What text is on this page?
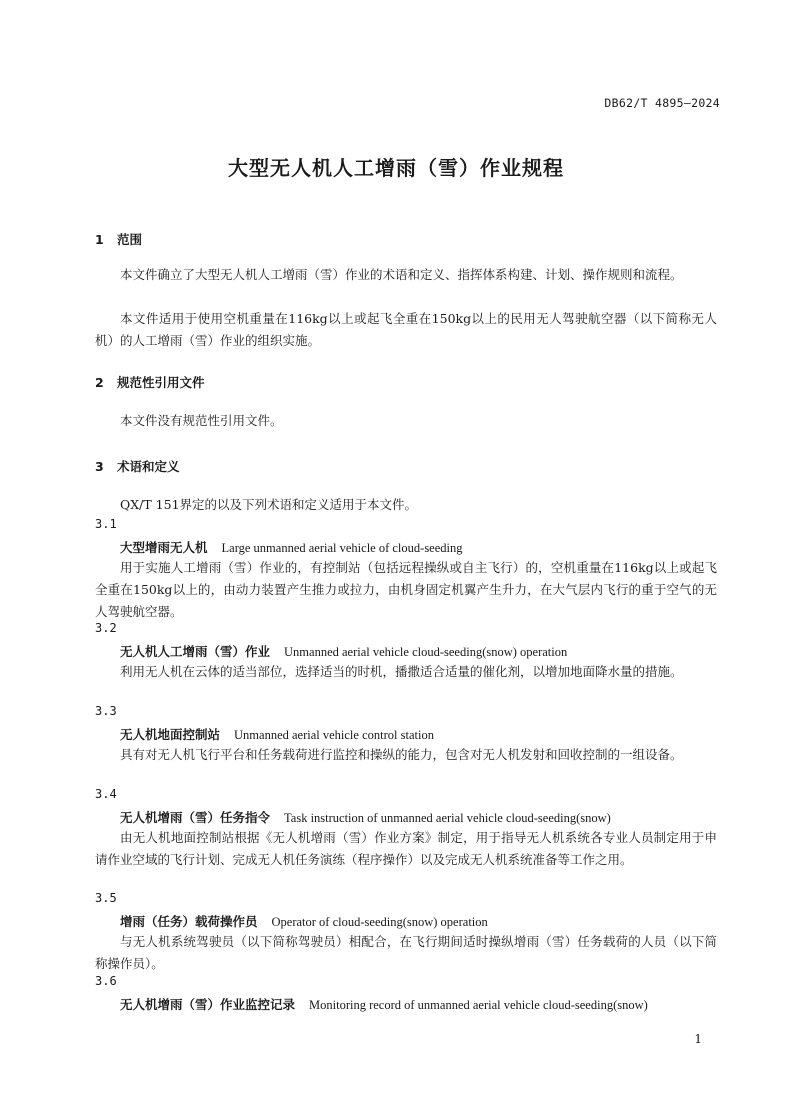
DB62/T 4895—2024
大型无人机人工增雨（雪）作业规程
1 范围
本文件确立了大型无人机人工增雨（雪）作业的术语和定义、指挥体系构建、计划、操作规则和流程。
本文件适用于使用空机重量在116kg以上或起飞全重在150kg以上的民用无人驾驶航空器（以下简称无人机）的人工增雨（雪）作业的组织实施。
2 规范性引用文件
本文件没有规范性引用文件。
3 术语和定义
QX/T 151界定的以及下列术语和定义适用于本文件。
3.1
大型增雨无人机 Large unmanned aerial vehicle of cloud-seeding
用于实施人工增雨（雪）作业的，有控制站（包括远程操纵或自主飞行）的，空机重量在116kg以上或起飞全重在150kg以上的，由动力装置产生推力或拉力，由机身固定机翼产生升力，在大气层内飞行的重于空气的无人驾驶航空器。
3.2
无人机人工增雨（雪）作业 Unmanned aerial vehicle cloud-seeding(snow) operation
利用无人机在云体的适当部位，选择适当的时机，播撒适合适量的催化剂，以增加地面降水量的措施。
3.3
无人机地面控制站 Unmanned aerial vehicle control station
具有对无人机飞行平台和任务载荷进行监控和操纵的能力，包含对无人机发射和回收控制的一组设备。
3.4
无人机增雨（雪）任务指令 Task instruction of unmanned aerial vehicle cloud-seeding(snow)
由无人机地面控制站根据《无人机增雨（雪）作业方案》制定，用于指导无人机系统各专业人员制定用于申请作业空域的飞行计划、完成无人机任务演练（程序操作）以及完成无人机系统准备等工作之用。
3.5
增雨（任务）载荷操作员 Operator of cloud-seeding(snow) operation
与无人机系统驾驶员（以下简称驾驶员）相配合，在飞行期间适时操纵增雨（雪）任务载荷的人员（以下简称操作员）。
3.6
无人机增雨（雪）作业监控记录 Monitoring record of unmanned aerial vehicle cloud-seeding(snow)
1
